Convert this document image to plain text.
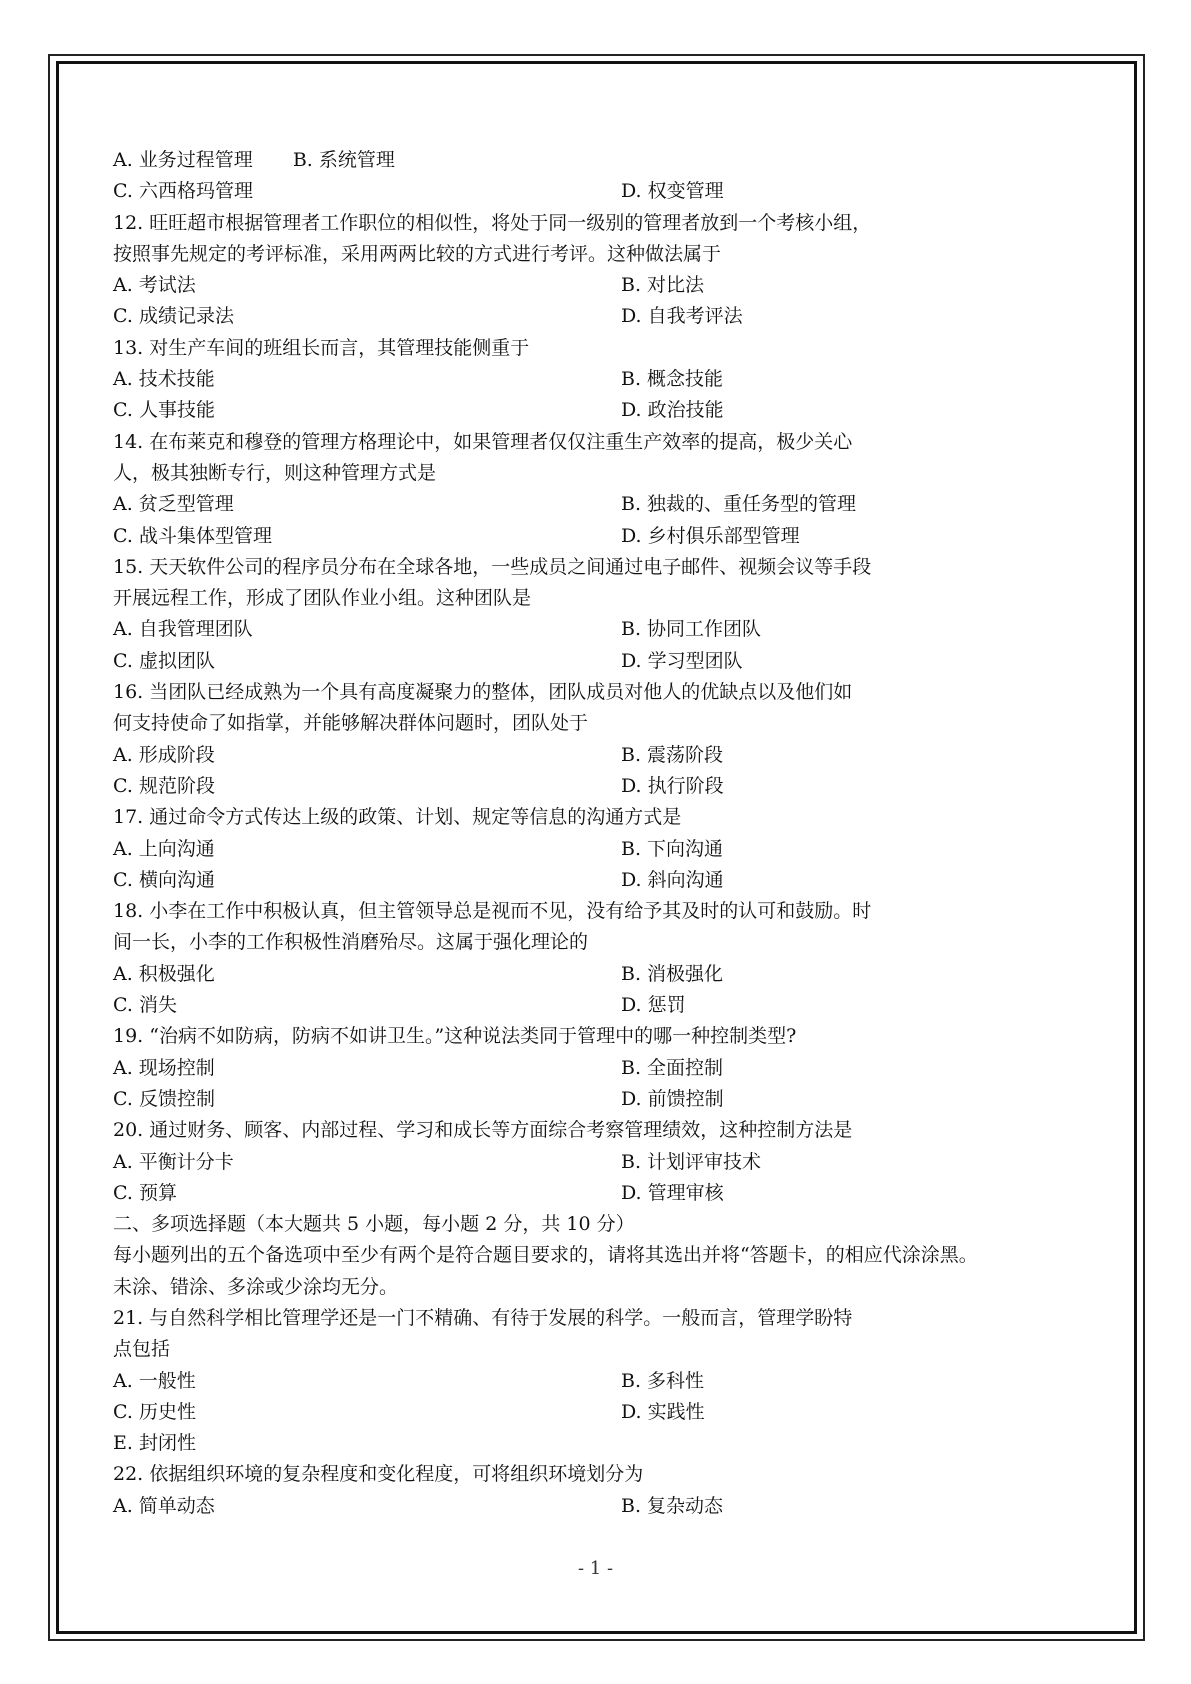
A. 业务过程管理 B. 系统管理
C. 六西格玛管理	D. 权变管理
12. 旺旺超市根据管理者工作职位的相似性，将处于同一级别的管理者放到一个考核小组，
按照事先规定的考评标准，采用两两比较的方式进行考评。这种做法属于
A. 考试法	B. 对比法
C. 成绩记录法	D. 自我考评法
13. 对生产车间的班组长而言，其管理技能侧重于
A. 技术技能	B. 概念技能
C. 人事技能	D. 政治技能
14. 在布莱克和穆登的管理方格理论中，如果管理者仅仅注重生产效率的提高，极少关心
人，极其独断专行，则这种管理方式是
A. 贫乏型管理	B. 独裁的、重任务型的管理
C. 战斗集体型管理	D. 乡村俱乐部型管理
15. 天天软件公司的程序员分布在全球各地，一些成员之间通过电子邮件、视频会议等手段
开展远程工作，形成了团队作业小组。这种团队是
A. 自我管理团队	B. 协同工作团队
C. 虚拟团队	D. 学习型团队
16. 当团队已经成熟为一个具有高度凝聚力的整体，团队成员对他人的优缺点以及他们如
何支持使命了如指掌，并能够解决群体问题时，团队处于
A. 形成阶段	B. 震荡阶段
C. 规范阶段	D. 执行阶段
17. 通过命令方式传达上级的政策、计划、规定等信息的沟通方式是
A. 上向沟通	B. 下向沟通
C. 横向沟通	D. 斜向沟通
18. 小李在工作中积极认真，但主管领导总是视而不见，没有给予其及时的认可和鼓励。时
间一长，小李的工作积极性消磨殆尽。这属于强化理论的
A. 积极强化	B. 消极强化
C. 消失	D. 惩罚
19. “治病不如防病，防病不如讲卫生。”这种说法类同于管理中的哪一种控制类型?
A. 现场控制	B. 全面控制
C. 反馈控制	D. 前馈控制
20. 通过财务、顾客、内部过程、学习和成长等方面综合考察管理绩效，这种控制方法是
A. 平衡计分卡	B. 计划评审技术
C. 预算	D. 管理审核
二、多项选择题（本大题共 5 小题，每小题 2 分，共 10 分）
每小题列出的五个备选项中至少有两个是符合题目要求的，请将其选出并将“答题卡，的相应代涂涂黑。
未涂、错涂、多涂或少涂均无分。
21. 与自然科学相比管理学还是一门不精确、有待于发展的科学。一般而言，管理学盼特
点包括
A. 一般性	B. 多科性
C. 历史性	D. 实践性
E. 封闭性
22. 依据组织环境的复杂程度和变化程度，可将组织环境划分为
A. 简单动态	B. 复杂动态
- 1 -
